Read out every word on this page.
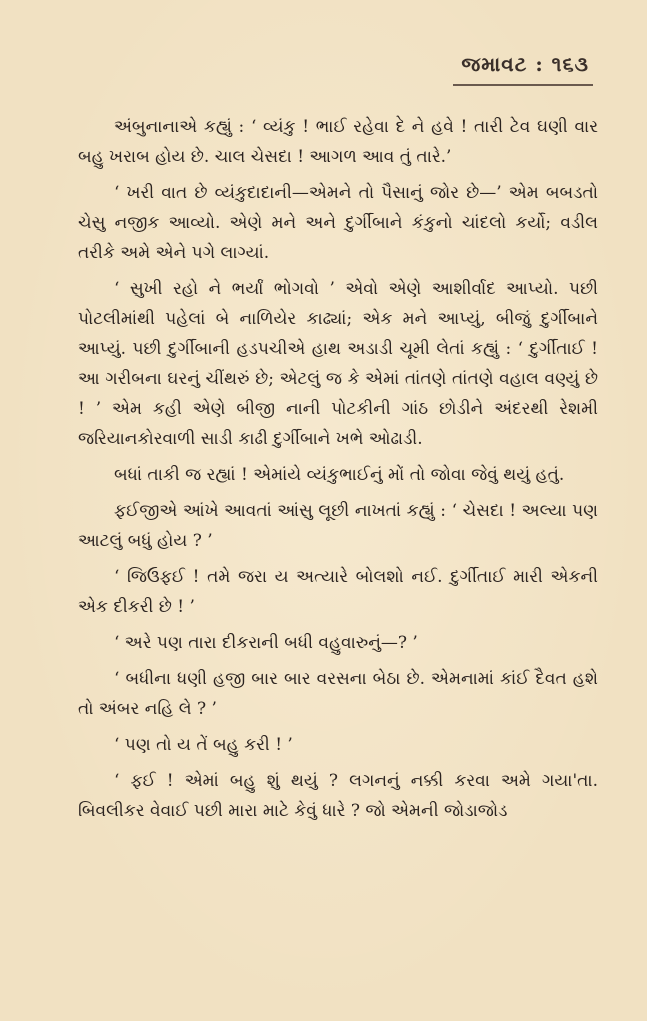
જમાવટ : ૧૬૩

અંબુનાનાએ કહ્યું : ‘ વ્યંકુ ! ભાઈ રહેવા દે ને હવે ! તારી ટેવ ઘણી વાર બહુ ખરાબ હોય છે. ચાલ ચેસદા ! આગળ આવ તું તારે.’

‘ ખરી વાત છે વ્યંકુદાદાની—એમને તો પૈસાનું જોર છે—’ એમ બબડતો ચેસુ નજીક આવ્યો. એણે મને અને દુર્ગીબાને કંકુનો ચાંદલો કર્યો; વડીલ તરીકે અમે એને પગે લાગ્યાં.

‘ સુખી રહો ને ભર્યાં ભોગવો ’ એવો એણે આશીર્વાદ આપ્યો. પછી પોટલીમાંથી પહેલાં બે નાળિયેર કાઢ્યાં; એક મને આપ્યું, બીજું દુર્ગીબાને આપ્યું. પછી દુર્ગીબાની હડપચીએ હાથ અડાડી ચૂમી લેતાં કહ્યું : ‘ દુર્ગીતાઈ ! આ ગરીબના ઘરનું ચીંથરું છે; એટલું જ કે એમાં તાંતણે તાંતણે વહાલ વણ્યું છે ! ’ એમ કહી એણે બીજી નાની પોટકીની ગાંઠ છોડીને અંદરથી રેશમી જરિયાનકોરવાળી સાડી કાઢી દુર્ગીબાને ખભે ઓઢાડી.

બધાં તાકી જ રહ્યાં ! એમાંયે વ્યંકુભાઈનું મોં તો જોવા જેવું થયું હતું.

ફઈજીએ આંખે આવતાં આંસુ લૂછી નાખતાં કહ્યું : ‘ ચેસદા ! અલ્યા પણ આટલું બધું હોય ? ’

‘ જિઉફઈ ! તમે જરા ય અત્યારે બોલશો નઈ. દુર્ગીતાઈ મારી એકની એક દીકરી છે ! ’

‘ અરે પણ તારા દીકરાની બધી વહુવારુનું—? ’

‘ બધીના ધણી હજી બાર બાર વરસના બેઠા છે. એમનામાં કાંઈ દૈવત હશે તો અંબર નહિ લે ? ’

‘ પણ તો ય તેં બહુ કરી ! ’

‘ ફઈ ! એમાં બહુ શું થયું ? લગનનું નક્કી કરવા અમે ગયા'તા. બિવલીકર વેવાઈ પછી મારા માટે કેવું ધારે ? જો એમની જોડાજોડ
